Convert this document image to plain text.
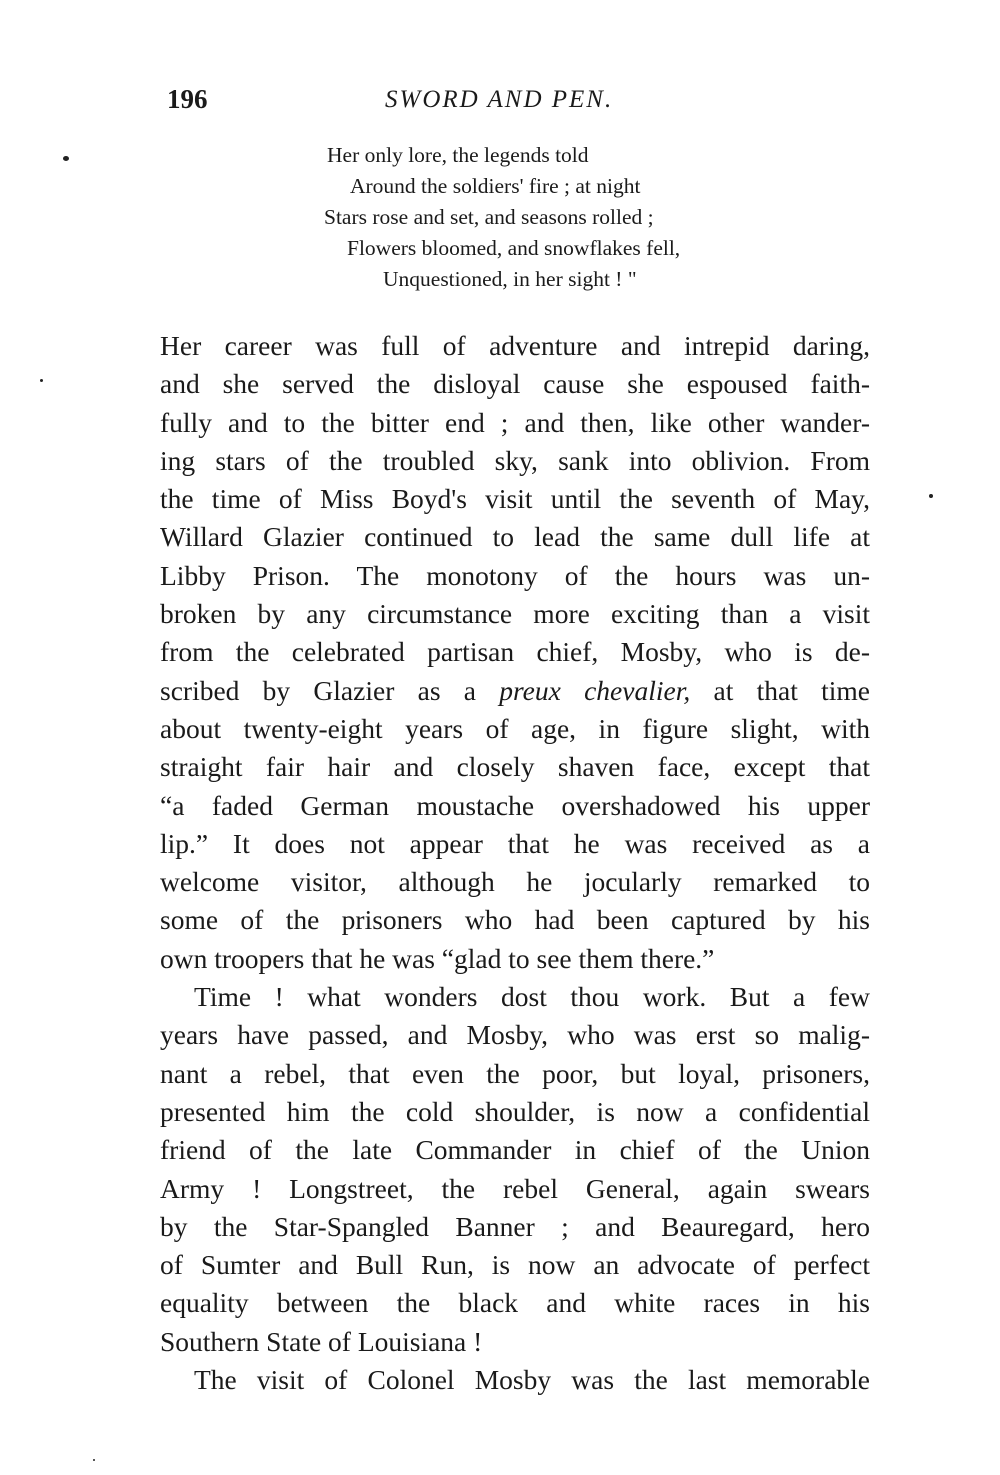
196	SWORD AND PEN.
Her only lore, the legends told
Around the soldiers' fire ; at night
Stars rose and set, and seasons rolled ;
Flowers bloomed, and snowflakes fell,
Unquestioned, in her sight ! "
Her career was full of adventure and intrepid daring,
and she served the disloyal cause she espoused faith-
fully and to the bitter end ; and then, like other wander-
ing stars of the troubled sky, sank into oblivion. From
the time of Miss Boyd's visit until the seventh of May,
Willard Glazier continued to lead the same dull life at
Libby Prison. The monotony of the hours was un-
broken by any circumstance more exciting than a visit
from the celebrated partisan chief, Mosby, who is de-
scribed by Glazier as a preux chevalier, at that time
about twenty-eight years of age, in figure slight, with
straight fair hair and closely shaven face, except that
“a faded German moustache overshadowed his upper
lip.” It does not appear that he was received as a
welcome visitor, although he jocularly remarked to
some of the prisoners who had been captured by his
own troopers that he was “glad to see them there.”
Time ! what wonders dost thou work. But a few
years have passed, and Mosby, who was erst so malig-
nant a rebel, that even the poor, but loyal, prisoners,
presented him the cold shoulder, is now a confidential
friend of the late Commander in chief of the Union
Army ! Longstreet, the rebel General, again swears
by the Star-Spangled Banner ; and Beauregard, hero
of Sumter and Bull Run, is now an advocate of perfect
equality between the black and white races in his
Southern State of Louisiana !
The visit of Colonel Mosby was the last memorable
